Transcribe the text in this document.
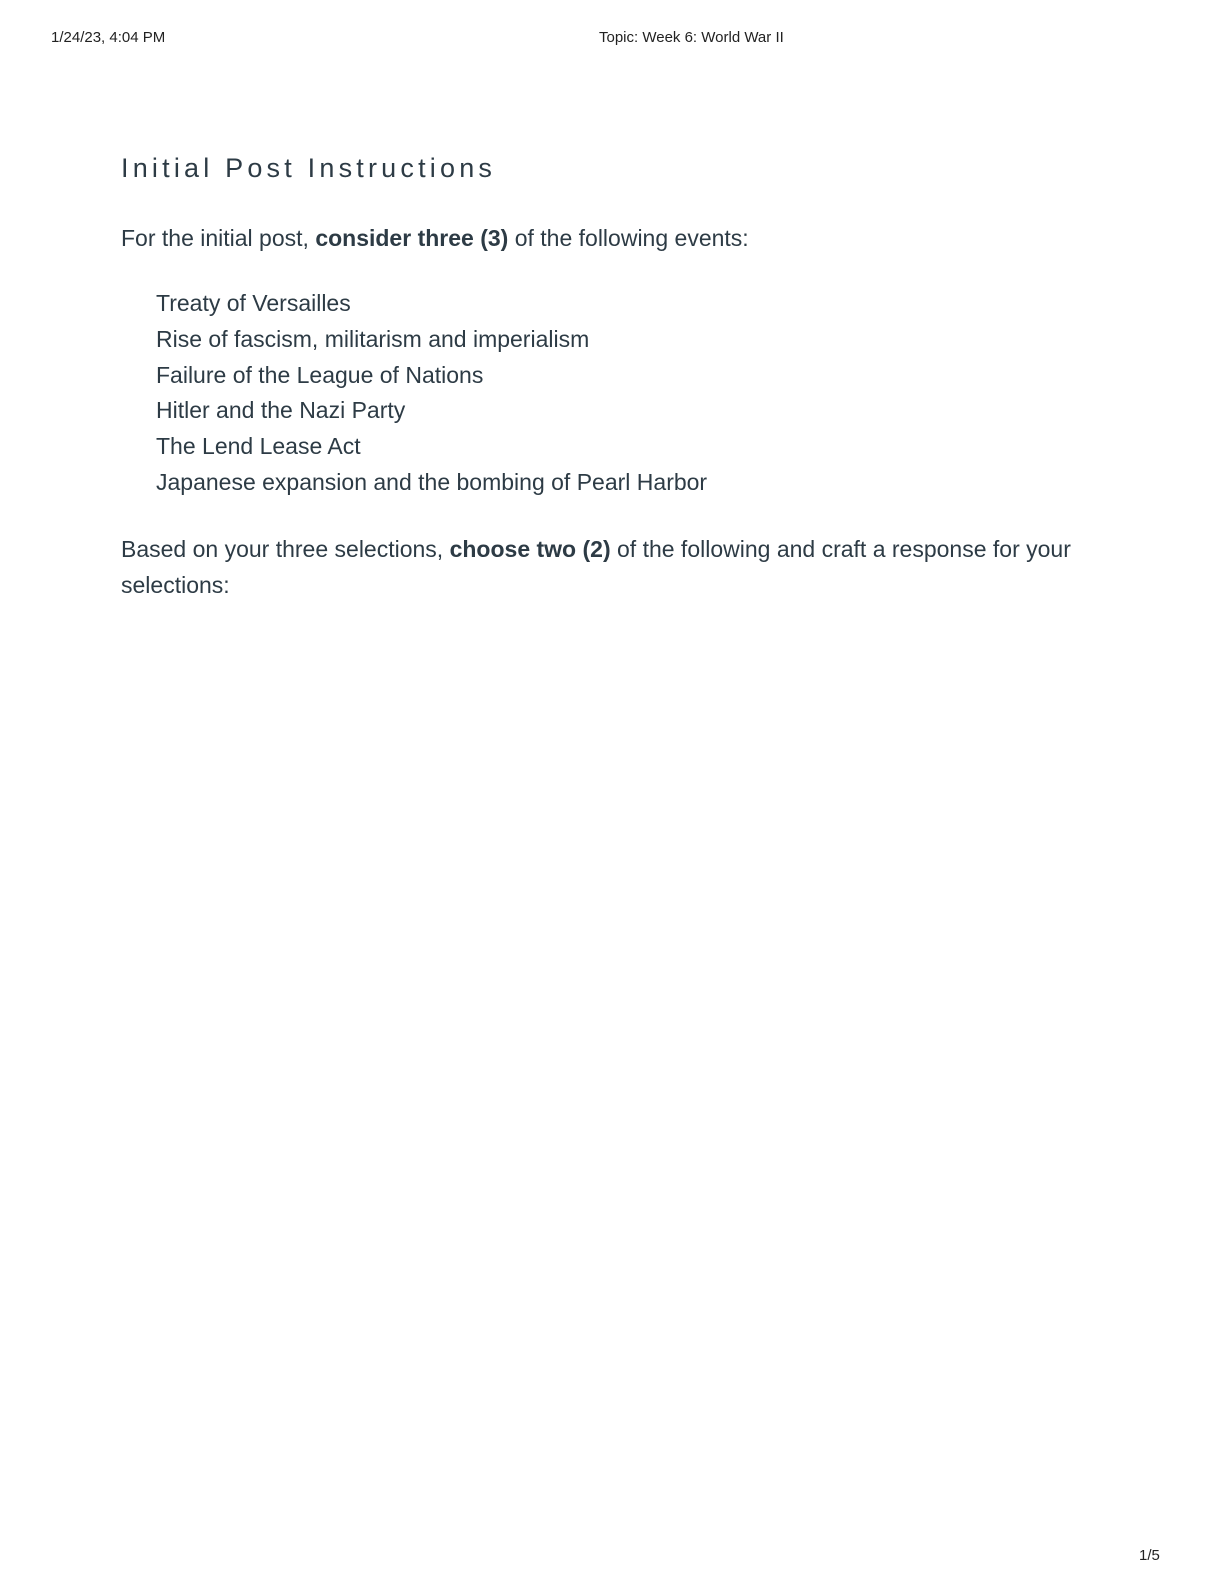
1/24/23, 4:04 PM	Topic: Week 6: World War II
Initial Post Instructions

For the initial post, consider three (3) of the following events:

Treaty of Versailles
Rise of fascism, militarism and imperialism
Failure of the League of Nations
Hitler and the Nazi Party
The Lend Lease Act
Japanese expansion and the bombing of Pearl Harbor

Based on your three selections, choose two (2) of the following and craft a response for your selections:

1/5
